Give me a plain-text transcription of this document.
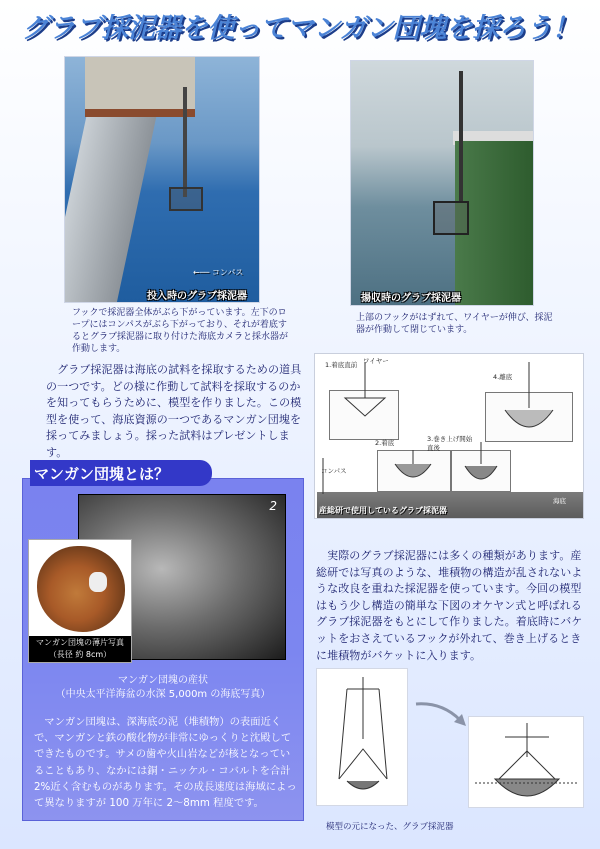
グラブ採泥器を使ってマンガン団塊を採ろう！
←── コンパス
投入時のグラブ採泥器
フックで採泥器全体がぶら下がっています。左下のロープにはコンパスがぶら下がっており、それが着底するとグラブ採泥器に取り付けた海底カメラと採水器が作動します。
揚収時のグラブ採泥器
上部のフックがはずれて、ワイヤーが伸び、採泥器が作動して閉じています。
　グラブ採泥器は海底の試料を採取するための道具の一つです。どの様に作動して試料を採取するのかを知ってもらうために、模型を作りました。この模型を使って、海底資源の一つであるマンガン団塊を採ってみましょう。採った試料はプレゼントします。
1.着底直前 ワイヤー
4.離底
2.着底	3.巻き上げ開始直後
コンパス
海底
産総研で使用しているグラブ採泥器
　実際のグラブ採泥器には多くの種類があります。産総研では写真のような、堆積物の構造が乱されないような改良を重ねた採泥器を使っています。今回の模型はもう少し構造の簡単な下図のオケヤン式と呼ばれるグラブ採泥器をもとにして作りました。着底時にバケットをおさえているフックが外れて、巻き上げるときに堆積物がバケットに入ります。
マンガン団塊とは？
2
マンガン団塊の薄片写真
（長径 約 8cm）
マンガン団塊の産状
（中央太平洋海盆の水深 5,000m の海底写真）
　マンガン団塊は、深海底の泥（堆積物）の表面近くで、マンガンと鉄の酸化物が非常にゆっくりと沈殿してできたものです。サメの歯や火山岩などが核となっていることもあり、なかには銅・ニッケル・コバルトを合計 2%近く含むものがあります。その成長速度は海域によって異なりますが 100 万年に 2〜8mm 程度です。
模型の元になった、グラブ採泥器
